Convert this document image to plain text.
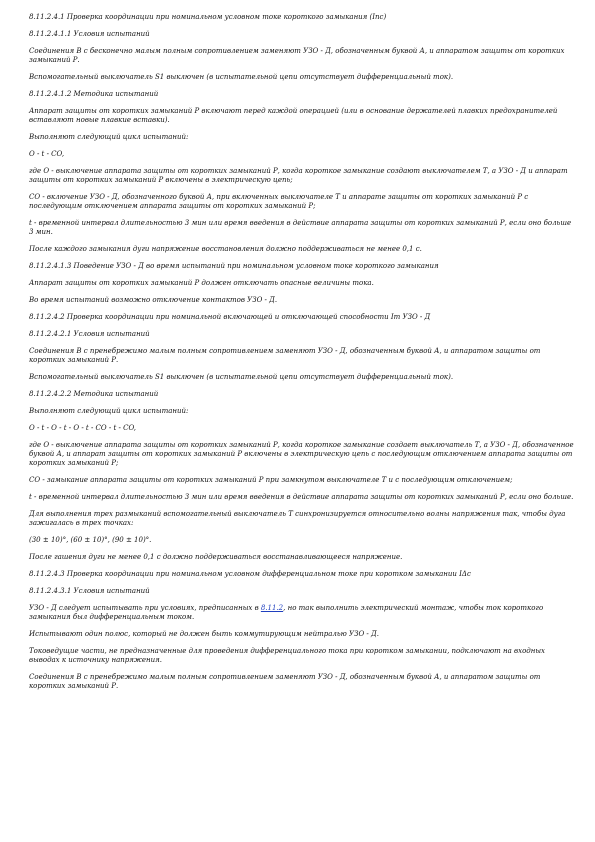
8.11.2.4.1 Проверка координации при номинальном условном токе короткого замыкания (Inc)

8.11.2.4.1.1 Условия испытаний

Соединения В с бесконечно малым полным сопротивлением заменяют УЗО - Д, обозначенным буквой А, и аппаратом защиты от коротких замыканий Р.

Вспомогательный выключатель S1 выключен (в испытательной цепи отсутствует дифференциальный ток).

8.11.2.4.1.2 Методика испытаний

Аппарат защиты от коротких замыканий Р включают перед каждой операцией (или в основание держателей плавких предохранителей вставляют новые плавкие вставки).

Выполняют следующий цикл испытаний:

O - t - CO,

где O - выключение аппарата защиты от коротких замыканий Р, когда короткое замыкание создают выключателем Т, а УЗО - Д и аппарат защиты от коротких замыканий Р включены в электрическую цепь;

CO - включение УЗО - Д, обозначенного буквой А, при включенных выключателе Т и аппарате защиты от коротких замыканий Р с последующим отключением аппарата защиты от коротких замыканий Р;

t - временной интервал длительностью 3 мин или время введения в действие аппарата защиты от коротких замыканий Р, если оно больше 3 мин.

После каждого замыкания дуги напряжение восстановления должно поддерживаться не менее 0,1 с.

8.11.2.4.1.3 Поведение УЗО - Д во время испытаний при номинальном условном токе короткого замыкания

Аппарат защиты от коротких замыканий Р должен отключать опасные величины тока.

Во время испытаний возможно отключение контактов УЗО - Д.

8.11.2.4.2 Проверка координации при номинальной включающей и отключающей способности Im УЗО - Д

8.11.2.4.2.1 Условия испытаний

Соединения В с пренебрежимо малым полным сопротивлением заменяют УЗО - Д, обозначенным буквой А, и аппаратом защиты от коротких замыканий Р.

Вспомогательный выключатель S1 выключен (в испытательной цепи отсутствует дифференциальный ток).

8.11.2.4.2.2 Методика испытаний

Выполняют следующий цикл испытаний:

O - t - O - t - O - t - CO - t - CO,

где O - выключение аппарата защиты от коротких замыканий Р, когда короткое замыкание создает выключатель Т, а УЗО - Д, обозначенное буквой А, и аппарат защиты от коротких замыканий Р включены в электрическую цепь с последующим отключением аппарата защиты от коротких замыканий Р;

CO - замыкание аппарата защиты от коротких замыканий Р при замкнутом выключателе Т и с последующим отключением;

t - временной интервал длительностью 3 мин или время введения в действие аппарата защиты от коротких замыканий Р, если оно больше.

Для выполнения трех размыканий вспомогательный выключатель Т синхронизируется относительно волны напряжения так, чтобы дуга зажигалась в трех точках:

(30 ± 10)°, (60 ± 10)°, (90 ± 10)°.

После гашения дуги не менее 0,1 с должно поддерживаться восстанавливающееся напряжение.

8.11.2.4.3 Проверка координации при номинальном условном дифференциальном токе при коротком замыкании IΔc

8.11.2.4.3.1 Условия испытаний

УЗО - Д следует испытывать при условиях, предписанных в 8.11.2, но так выполнить электрический монтаж, чтобы ток короткого замыкания был дифференциальным током.

Испытывают один полюс, который не должен быть коммутирующим нейтралью УЗО - Д.

Токоведущие части, не предназначенные для проведения дифференциального тока при коротком замыкании, подключают на входных выводах к источнику напряжения.

Соединения В с пренебрежимо малым полным сопротивлением заменяют УЗО - Д, обозначенным буквой А, и аппаратом защиты от коротких замыканий Р.
